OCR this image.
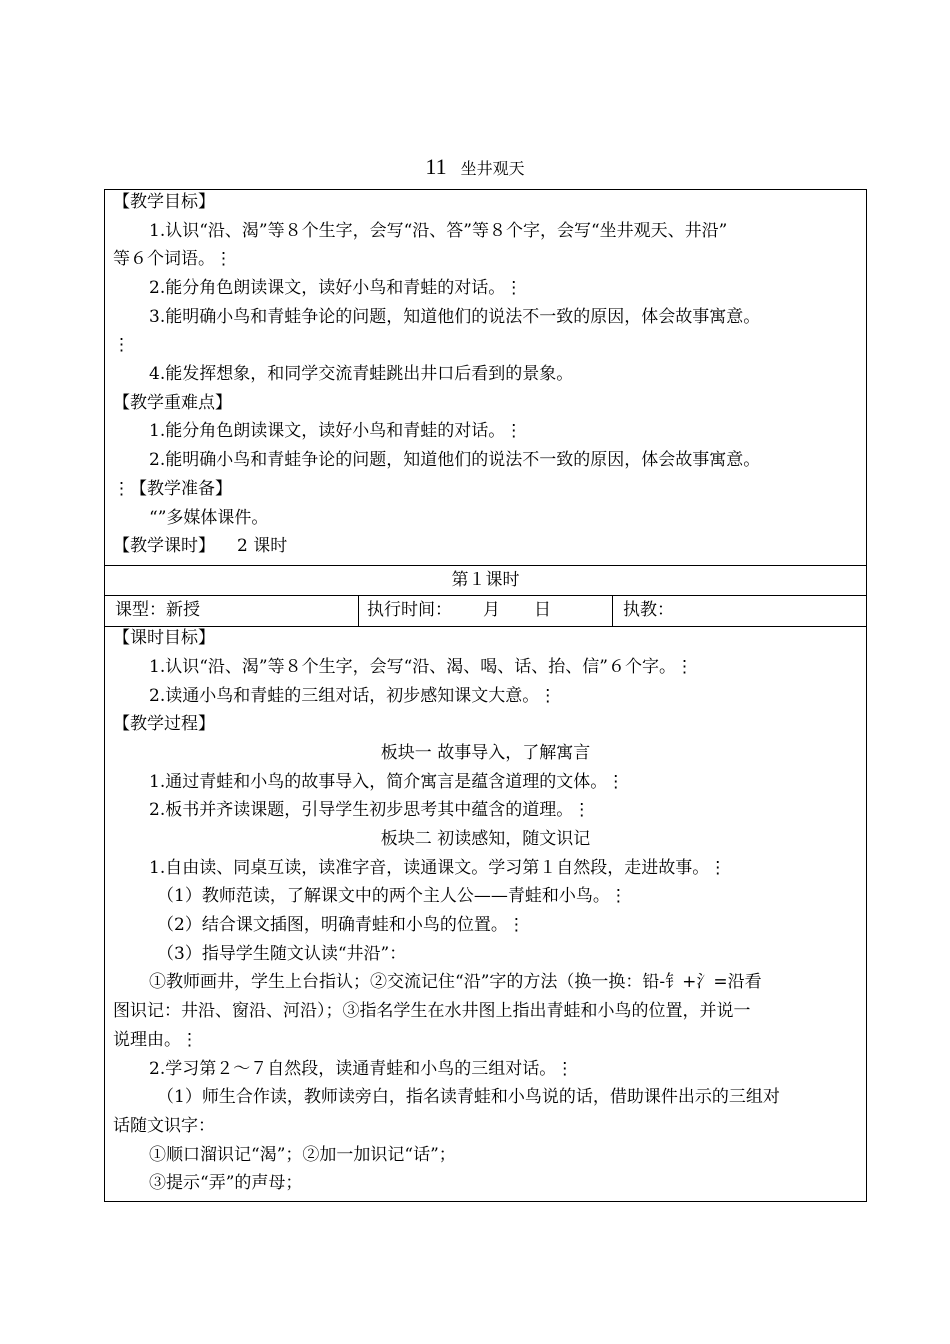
11 坐井观天
【教学目标】
1.认识“沿、渴”等８个生字，会写“沿、答”等８个字，会写“坐井观天、井沿”
等６个词语。⋮
2.能分角色朗读课文，读好小鸟和青蛙的对话。⋮
3.能明确小鸟和青蛙争论的问题，知道他们的说法不一致的原因，体会故事寓意。
⋮
4.能发挥想象，和同学交流青蛙跳出井口后看到的景象。
【教学重难点】
1.能分角色朗读课文，读好小鸟和青蛙的对话。⋮
2.能明确小鸟和青蛙争论的问题，知道他们的说法不一致的原因，体会故事寓意。
⋮【教学准备】
“”多媒体课件。
【教学课时】 2 课时
第１课时
课型：新授	执行时间： 月 日	执教：
【课时目标】
1.认识“沿、渴”等８个生字，会写“沿、渴、喝、话、抬、信”６个字。⋮
2.读通小鸟和青蛙的三组对话，初步感知课文大意。⋮
【教学过程】
板块一 故事导入，了解寓言
1.通过青蛙和小鸟的故事导入，简介寓言是蕴含道理的文体。⋮
2.板书并齐读课题，引导学生初步思考其中蕴含的道理。⋮
板块二 初读感知，随文识记
1.自由读、同桌互读，读准字音，读通课文。学习第１自然段，走进故事。⋮
（1）教师范读，了解课文中的两个主人公——青蛙和小鸟。⋮
（2）结合课文插图，明确青蛙和小鸟的位置。⋮
（3）指导学生随文认读“井沿”：
①教师画井，学生上台指认；②交流记住“沿”字的方法（换一换：铅-钅+氵=沿看
图识记：井沿、窗沿、河沿）；③指名学生在水井图上指出青蛙和小鸟的位置，并说一
说理由。⋮
2.学习第２～７自然段，读通青蛙和小鸟的三组对话。⋮
（1）师生合作读，教师读旁白，指名读青蛙和小鸟说的话，借助课件出示的三组对
话随文识字：
①顺口溜识记“渴”；②加一加识记“话”；
③提示“弄”的声母；
